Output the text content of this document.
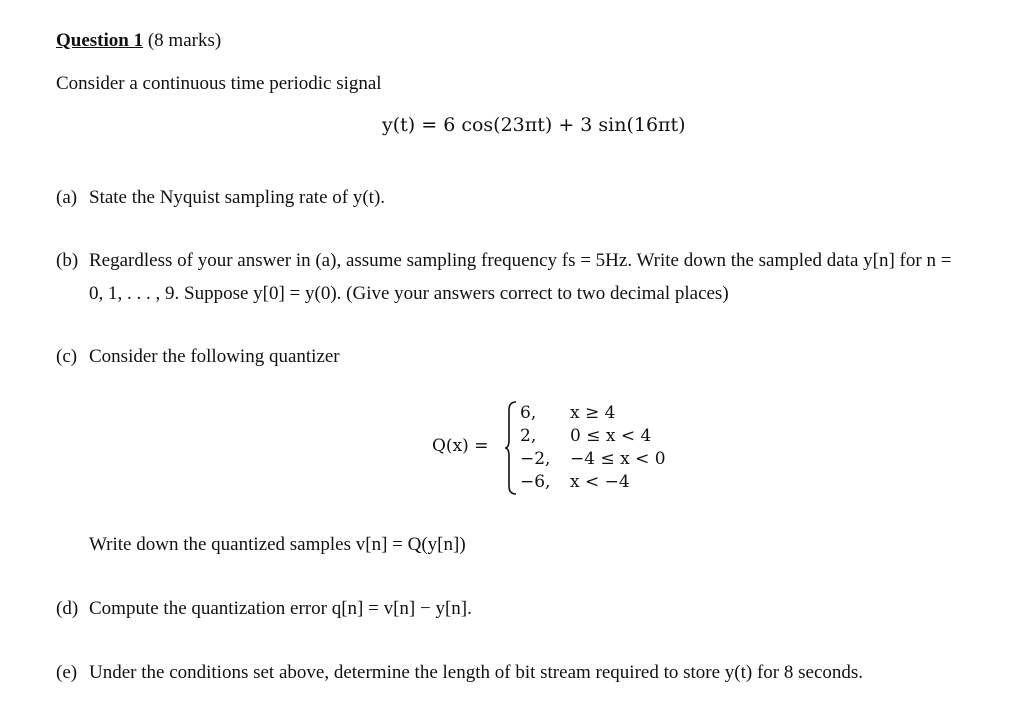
Question 1 (8 marks)
Consider a continuous time periodic signal
y(t) = 6 cos(23πt) + 3 sin(16πt)
(a) State the Nyquist sampling rate of y(t).
(b) Regardless of your answer in (a), assume sampling frequency fs = 5Hz. Write down the sampled data y[n] for n =
0, 1, . . . , 9. Suppose y[0] = y(0). (Give your answers correct to two decimal places)
(c) Consider the following quantizer
Q(x) =
6, x ≥ 4
2, 0 ≤ x < 4
−2, −4 ≤ x < 0
−6, x < −4
Write down the quantized samples v[n] = Q(y[n])
(d) Compute the quantization error q[n] = v[n] − y[n].
(e) Under the conditions set above, determine the length of bit stream required to store y(t) for 8 seconds.
